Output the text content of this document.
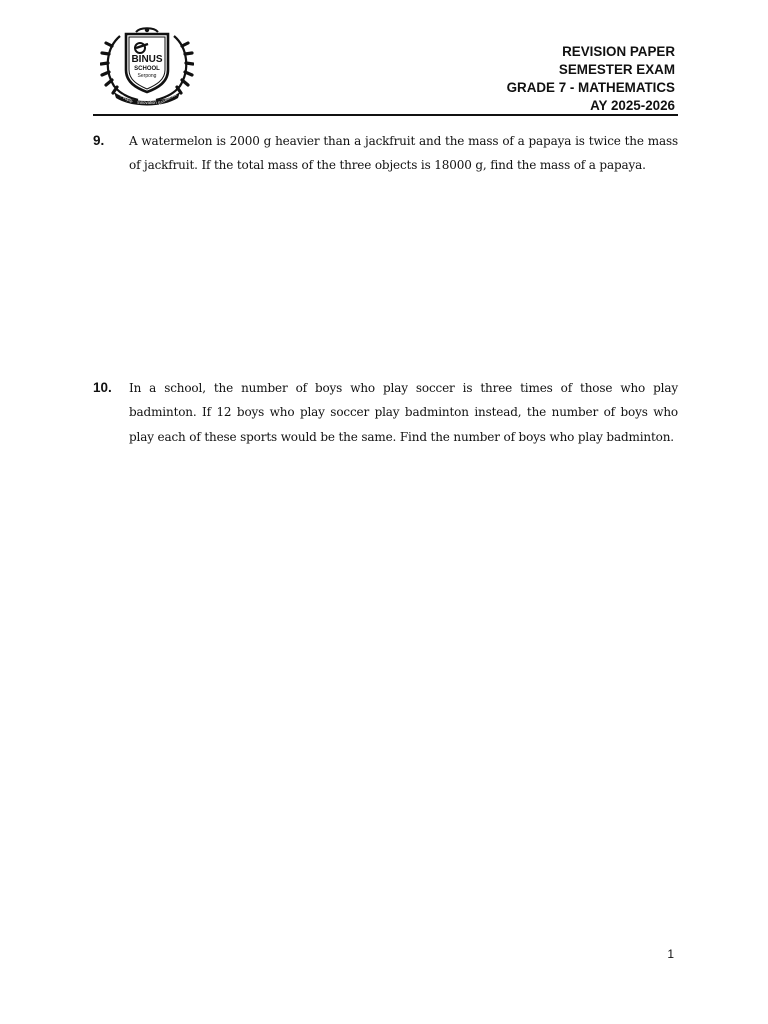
BINUS
SCHOOL
Serpong
People Innovation Excellence
REVISION PAPER
SEMESTER EXAM
GRADE 7 - MATHEMATICS
AY 2025-2026
9. A watermelon is 2000 g heavier than a jackfruit and the mass of a papaya is twice the mass of jackfruit. If the total mass of the three objects is 18000 g, find the mass of a papaya.
10. In a school, the number of boys who play soccer is three times of those who play badminton. If 12 boys who play soccer play badminton instead, the number of boys who play each of these sports would be the same. Find the number of boys who play badminton.
1
